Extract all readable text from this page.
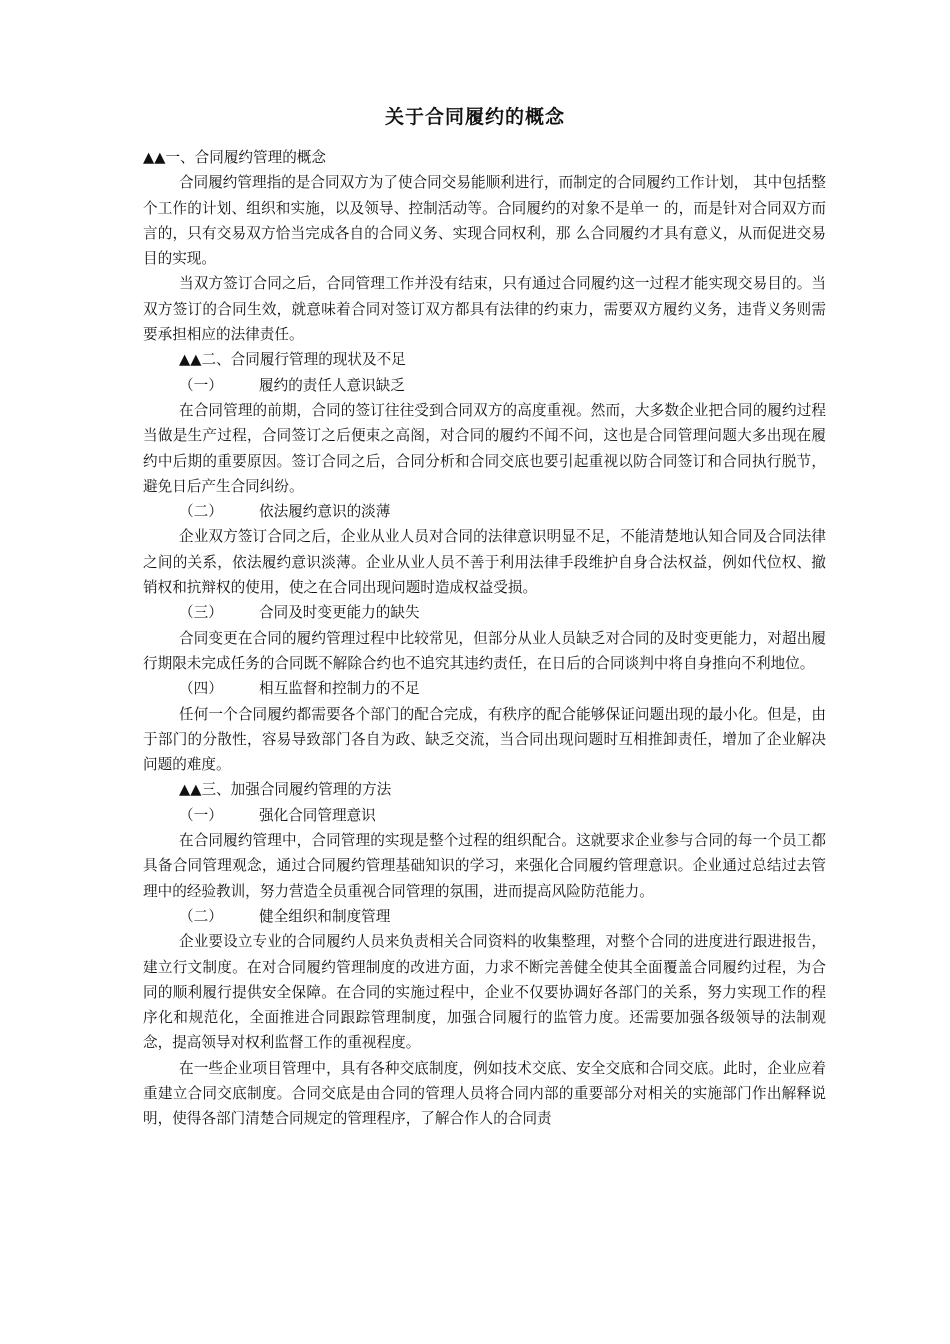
关于合同履约的概念

▲▲一、合同履约管理的概念

合同履约管理指的是合同双方为了使合同交易能顺利进行，而制定的合同履约工作计划， 其中包括整个工作的计划、组织和实施，以及领导、控制活动等。合同履约的对象不是单一 的，而是针对合同双方而言的，只有交易双方恰当完成各自的合同义务、实现合同权利，那 么合同履约才具有意义，从而促进交易目的实现。

当双方签订合同之后，合同管理工作并没有结束，只有通过合同履约这一过程才能实现交易目的。当双方签订的合同生效，就意味着合同对签订双方都具有法律的约束力，需要双方履约义务，违背义务则需要承担相应的法律责任。

▲▲二、合同履行管理的现状及不足

（一） 履约的责任人意识缺乏

在合同管理的前期，合同的签订往往受到合同双方的高度重视。然而，大多数企业把合同的履约过程当做是生产过程，合同签订之后便束之高阁，对合同的履约不闻不问，这也是合同管理问题大多出现在履约中后期的重要原因。签订合同之后，合同分析和合同交底也要引起重视以防合同签订和合同执行脱节，避免日后产生合同纠纷。

（二） 依法履约意识的淡薄

企业双方签订合同之后，企业从业人员对合同的法律意识明显不足，不能清楚地认知合同及合同法律之间的关系，依法履约意识淡薄。企业从业人员不善于利用法律手段维护自身合法权益，例如代位权、撤销权和抗辩权的使用，使之在合同出现问题时造成权益受损。

（三） 合同及时变更能力的缺失

合同变更在合同的履约管理过程中比较常见，但部分从业人员缺乏对合同的及时变更能力，对超出履行期限未完成任务的合同既不解除合约也不追究其违约责任，在日后的合同谈判中将自身推向不利地位。

（四） 相互监督和控制力的不足

任何一个合同履约都需要各个部门的配合完成，有秩序的配合能够保证问题出现的最小化。但是，由于部门的分散性，容易导致部门各自为政、缺乏交流，当合同出现问题时互相推卸责任，增加了企业解决问题的难度。

▲▲三、加强合同履约管理的方法

（一） 强化合同管理意识

在合同履约管理中，合同管理的实现是整个过程的组织配合。这就要求企业参与合同的每一个员工都具备合同管理观念，通过合同履约管理基础知识的学习，来强化合同履约管理意识。企业通过总结过去管理中的经验教训，努力营造全员重视合同管理的氛围，进而提高风险防范能力。

（二） 健全组织和制度管理

企业要设立专业的合同履约人员来负责相关合同资料的收集整理，对整个合同的进度进行跟进报告，建立行文制度。在对合同履约管理制度的改进方面，力求不断完善健全使其全面覆盖合同履约过程，为合同的顺利履行提供安全保障。在合同的实施过程中，企业不仅要协调好各部门的关系，努力实现工作的程序化和规范化，全面推进合同跟踪管理制度，加强合同履行的监管力度。还需要加强各级领导的法制观念，提高领导对权利监督工作的重视程度。

在一些企业项目管理中，具有各种交底制度，例如技术交底、安全交底和合同交底。此时，企业应着重建立合同交底制度。合同交底是由合同的管理人员将合同内部的重要部分对相关的实施部门作出解释说明，使得各部门清楚合同规定的管理程序，了解合作人的合同责
